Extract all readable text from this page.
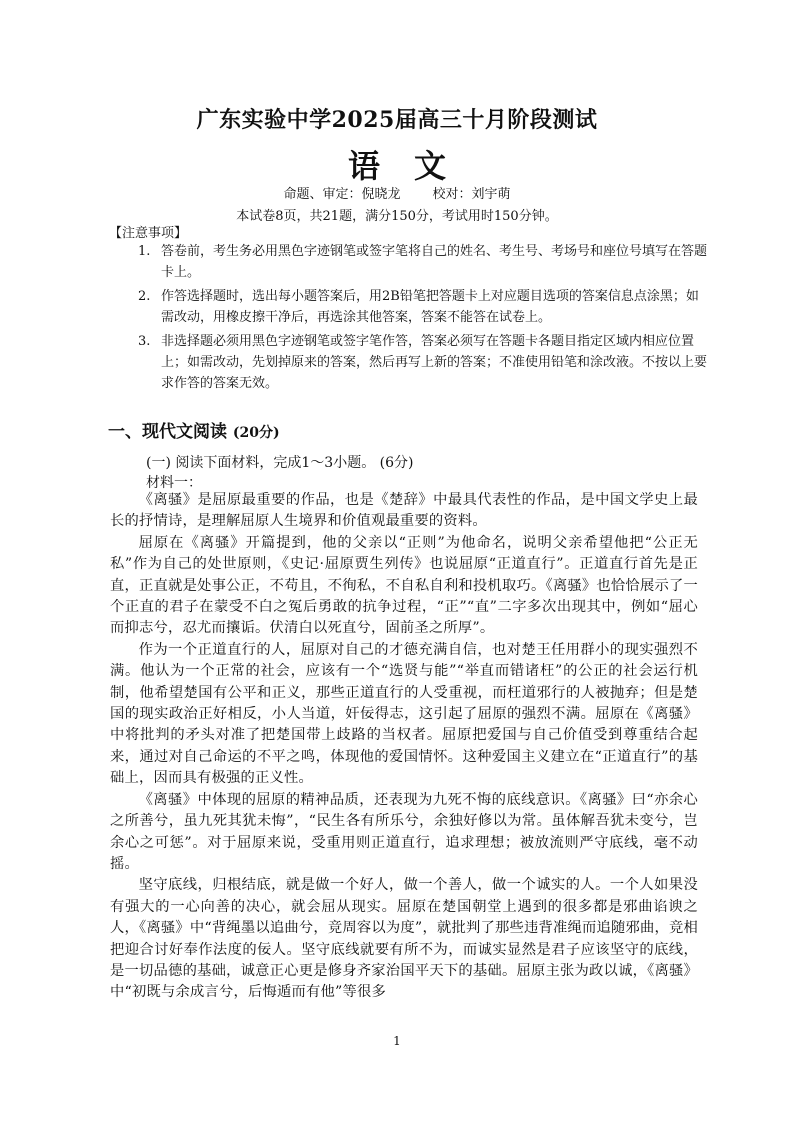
广东实验中学2025届高三十月阶段测试
语文
命题、审定：倪晓龙 校对：刘宇萌
本试卷8页，共21题，满分150分，考试用时150分钟。
【注意事项】
1. 答卷前，考生务必用黑色字迹钢笔或签字笔将自己的姓名、考生号、考场号和座位号填写在答题卡上。
2. 作答选择题时，选出每小题答案后，用2B铅笔把答题卡上对应题目选项的答案信息点涂黑；如需改动，用橡皮擦干净后，再选涂其他答案，答案不能答在试卷上。
3. 非选择题必须用黑色字迹钢笔或签字笔作答，答案必须写在答题卡各题目指定区域内相应位置上；如需改动，先划掉原来的答案，然后再写上新的答案；不准使用铅笔和涂改液。不按以上要求作答的答案无效。
一、现代文阅读 (20分)
(一) 阅读下面材料，完成1～3小题。 (6分)
材料一：

《离骚》是屈原最重要的作品，也是《楚辞》中最具代表性的作品，是中国文学史上最长的抒情诗，是理解屈原人生境界和价值观最重要的资料。

屈原在《离骚》开篇提到，他的父亲以“正则”为他命名，说明父亲希望他把“公正无私”作为自己的处世原则，《史记·屈原贾生列传》也说屈原“正道直行”。正道直行首先是正直，正直就是处事公正，不苟且，不徇私，不自私自利和投机取巧。《离骚》也恰恰展示了一个正直的君子在蒙受不白之冤后勇敢的抗争过程，“正”“直”二字多次出现其中，例如“屈心而抑志兮，忍尤而攘诟。伏清白以死直兮，固前圣之所厚”。

作为一个正道直行的人，屈原对自己的才德充满自信，也对楚王任用群小的现实强烈不满。他认为一个正常的社会，应该有一个“选贤与能”“举直而错诸枉”的公正的社会运行机制，他希望楚国有公平和正义，那些正道直行的人受重视，而枉道邪行的人被抛弃；但是楚国的现实政治正好相反，小人当道，奸佞得志，这引起了屈原的强烈不满。屈原在《离骚》中将批判的矛头对准了把楚国带上歧路的当权者。屈原把爱国与自己价值受到尊重结合起来，通过对自己命运的不平之鸣，体现他的爱国情怀。这种爱国主义建立在“正道直行”的基础上，因而具有极强的正义性。

《离骚》中体现的屈原的精神品质，还表现为九死不悔的底线意识。《离骚》曰“亦余心之所善兮，虽九死其犹未悔”，“民生各有所乐兮，余独好修以为常。虽体解吾犹未变兮，岂余心之可惩”。对于屈原来说，受重用则正道直行，追求理想；被放流则严守底线，毫不动摇。

坚守底线，归根结底，就是做一个好人，做一个善人，做一个诚实的人。一个人如果没有强大的一心向善的决心，就会屈从现实。屈原在楚国朝堂上遇到的很多都是邪曲谄谀之人，《离骚》中“背绳墨以追曲兮，竞周容以为度”，就批判了那些违背准绳而追随邪曲，竞相把迎合讨好奉作法度的佞人。坚守底线就要有所不为，而诚实显然是君子应该坚守的底线，是一切品德的基础，诚意正心更是修身齐家治国平天下的基础。屈原主张为政以诚，《离骚》中“初既与余成言兮，后悔遁而有他”等很多

1
